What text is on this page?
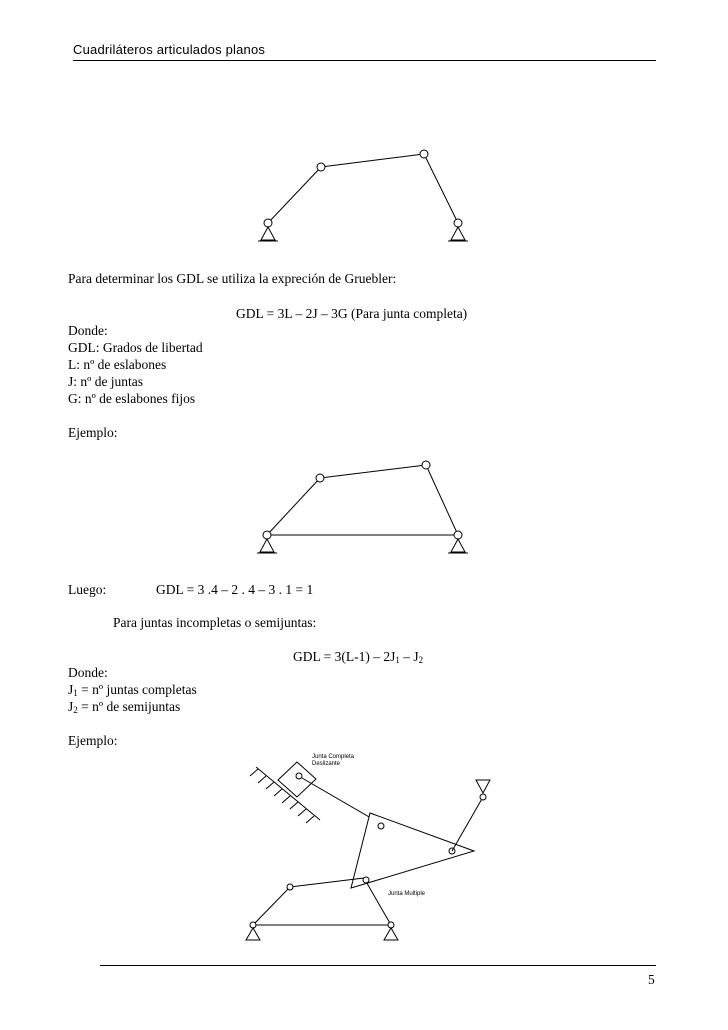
Cuadriláteros articulados planos
Para determinar los GDL se utiliza la expreción de Gruebler:
GDL = 3L – 2J – 3G (Para junta completa)
Donde:
GDL: Grados de libertad
L: nº de eslabones
J: nº de juntas
G: nº de eslabones fijos
Ejemplo:
Luego:	GDL = 3 .4 – 2 . 4 – 3 . 1 = 1
Para juntas incompletas o semijuntas:
GDL = $3(L-1) - 2J_1 - J_2$
Donde:
$J_1$ = nº juntas completas
$J_2$ = nº de semijuntas
Ejemplo:
Junta Completa
Deslizante
Junta Multiple
5
